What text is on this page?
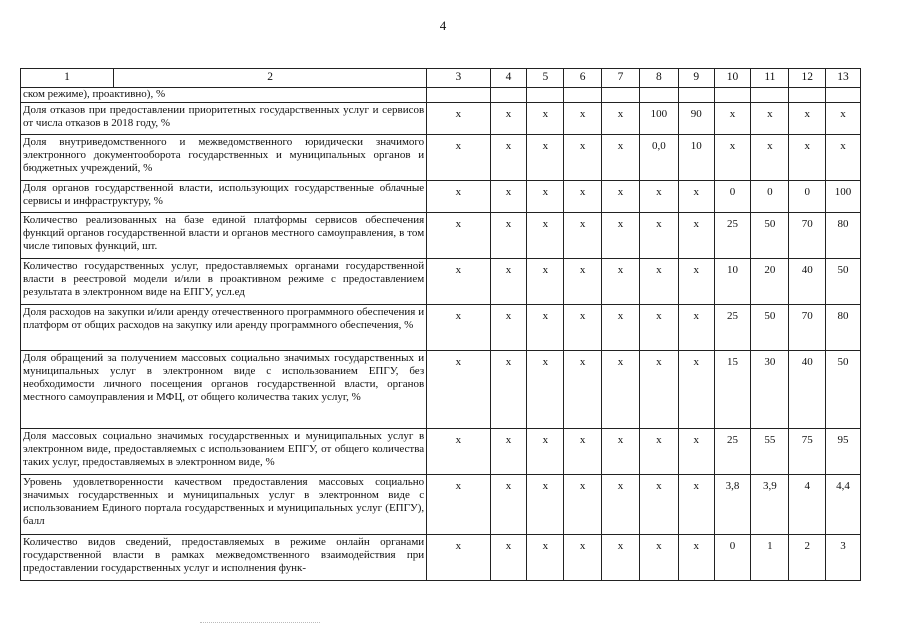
4
1	2	3	4	5	6	7	8	9	10	11	12	13
ском режиме), проактивно), %												
Доля отказов при предоставлении приоритетных государственных услуг и сервисов от числа отказов в 2018 году, %		х	х	х	х	х	100	90	х	х	х	х
Доля внутриведомственного и межведомственного юридически значимого электронного документооборота государственных и муниципальных органов и бюджетных учреждений, %		х	х	х	х	х	0,0	10	х	х	х	х
Доля органов государственной власти, использующих государственные облачные сервисы и инфраструктуру, %		х	х	х	х	х	х	х	0	0	0	100
Количество реализованных на базе единой платформы сервисов обеспечения функций органов государственной власти и органов местного самоуправления, в том числе типовых функций, шт.		х	х	х	х	х	х	х	25	50	70	80
Количество государственных услуг, предоставляемых органами государственной власти в реестровой модели и/или в проактивном режиме с предоставлением результата в электронном виде на ЕПГУ, усл.ед		х	х	х	х	х	х	х	10	20	40	50
Доля расходов на закупки и/или аренду отечественного программного обеспечения и платформ от общих расходов на закупку или аренду программного обеспечения, %		х	х	х	х	х	х	х	25	50	70	80
Доля обращений за получением массовых социально значимых государственных и муниципальных услуг в электронном виде с использованием ЕПГУ, без необходимости личного посещения органов государственной власти, органов местного самоуправления и МФЦ, от общего количества таких услуг, %		х	х	х	х	х	х	х	15	30	40	50
Доля массовых социально значимых государственных и муниципальных услуг в электронном виде, предоставляемых с использованием ЕПГУ, от общего количества таких услуг, предоставляемых в электронном виде, %		х	х	х	х	х	х	х	25	55	75	95
Уровень удовлетворенности качеством предоставления массовых социально значимых государственных и муниципальных услуг в электронном виде с использованием Единого портала государственных и муниципальных услуг (ЕПГУ), балл		х	х	х	х	х	х	х	3,8	3,9	4	4,4
Количество видов сведений, предоставляемых в режиме онлайн органами государственной власти в рамках межведомственного взаимодействия при предоставлении государственных услуг и исполнения функ-		х	х	х	х	х	х	х	0	1	2	3
